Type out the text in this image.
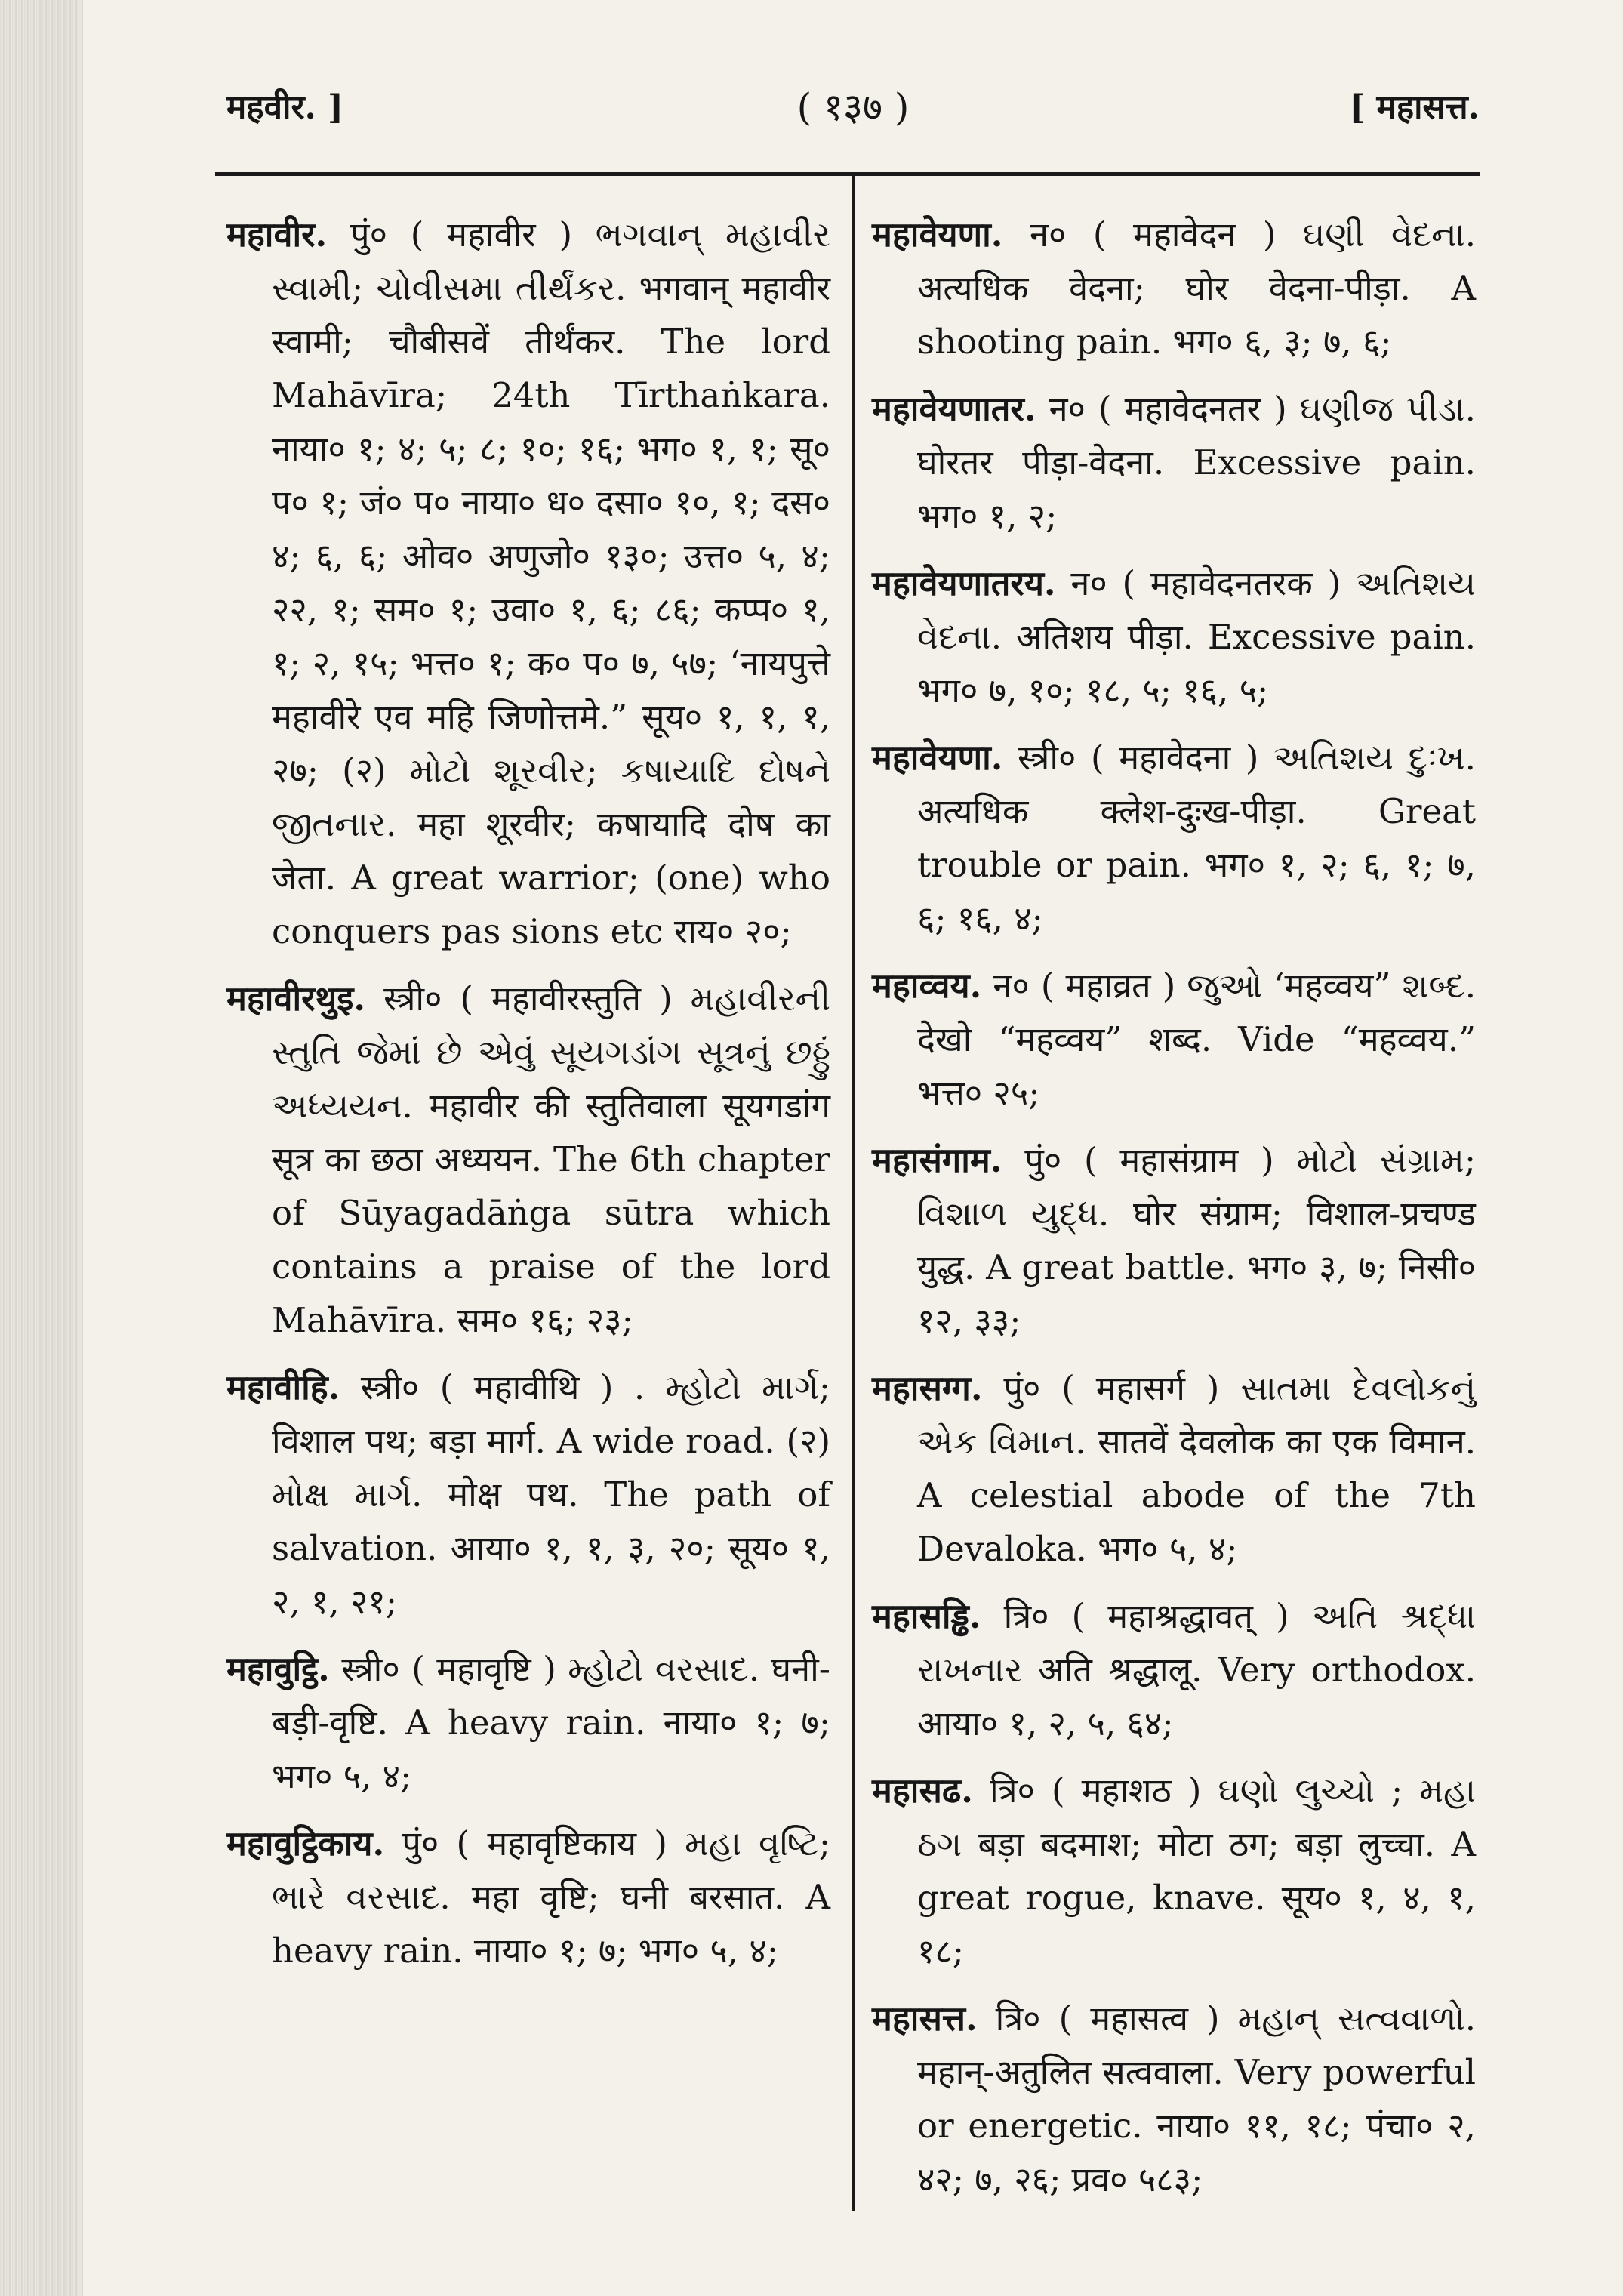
महवीर. ]	( १३७ )	[ महासत्त.

महावीर. पुं० ( महावीर ) ભગવાન્ મહાવીર સ્વામી; ચોવીસમા તીર્થંકર. भगवान् महावीर स्वामी; चौबीसवें तीर्थंकर. The lord Mahāvīra; 24th Tīrthaṅkara. नाया० १; ४; ५; ८; १०; १६; भग० १, १; सू० प० १; जं० प० नाया० ध० दसा० १०, १; दस० ४; ६, ६; ओव० अणुजो० १३०; उत्त० ५, ४; २२, १; सम० १; उवा० १, ६; ८६; कप्प० १, १; २, १५; भत्त० १; क० प० ७, ५७; ‘नायपुत्ते महावीरे एव महि जिणोत्तमे.” सूय० १, १, १, २७; (२) મોટો શૂરવીર; કષાયાદિ દોષને જીતનાર. महा शूरवीर; कषायादि दोष का जेता. A great warrior; (one) who conquers pas sions etc राय० २०;

महावीरथुइ. स्त्री० ( महावीरस्तुति ) મહાવીરની સ્તુતિ જેમાં છે એવું સૂયગડાંગ સૂત્રનું છઠ્ઠું અધ્યયન. महावीर की स्तुतिवाला सूयगडांग सूत्र का छठा अध्ययन. The 6th chapter of Sūyagadāṅga sūtra which contains a praise of the lord Mahāvīra. सम० १६; २३;

महावीहि. स्त्री० ( महावीथि ) . મ્હોટો માર્ગ; विशाल पथ; बड़ा मार्ग. A wide road. (२) મોક્ષ માર્ગ. मोक्ष पथ. The path of salvation. आया० १, १, ३, २०; सूय० १, २, १, २१;

महावुट्ठि. स्त्री० ( महावृष्टि ) મ્હોટો વરસાદ. घनी-बड़ी-वृष्टि. A heavy rain. नाया० १; ७; भग० ५, ४;

महावुट्ठिकाय. पुं० ( महावृष्टिकाय ) મહા વૃષ્ટિ; ભારે વરસાદ. महा वृष्टि; घनी बरसात. A heavy rain. नाया० १; ७; भग० ५, ४;

महावेयणा. न० ( महावेदन ) ઘણી વેદના. अत्यधिक वेदना; घोर वेदना-पीड़ा. A shooting pain. भग० ६, ३; ७, ६;

महावेयणातर. न० ( महावेदनतर ) ઘણીજ પીડા. घोरतर पीड़ा-वेदना. Excessive pain. भग० १, २;

महावेयणातरय. न० ( महावेदनतरक ) અતિશય વેદના. अतिशय पीड़ा. Excessive pain. भग० ७, १०; १८, ५; १६, ५;

महावेयणा. स्त्री० ( महावेदना ) અતિશય દુઃખ. अत्यधिक क्लेश-दुःख-पीड़ा. Great trouble or pain. भग० १, २; ६, १; ७, ६; १६, ४;

महाव्वय. न० ( महाव्रत ) જુઓ ‘महव्वय” શબ્દ. देखो “महव्वय” शब्द. Vide “महव्वय.” भत्त० २५;

महासंगाम. पुं० ( महासंग्राम ) મોટો સંગ્રામ; વિશાળ યુદ્ધ. घोर संग्राम; विशाल-प्रचण्ड युद्ध. A great battle. भग० ३, ७; निसी० १२, ३३;

महासग्ग. पुं० ( महासर्ग ) સાતમા દેવલોકનું એક વિમાન. सातवें देवलोक का एक विमान. A celestial abode of the 7th Devaloka. भग० ५, ४;

महासड्ढि. त्रि० ( महाश्रद्धावत् ) અતિ શ્રદ્ધા રાખનાર अति श्रद्धालू. Very orthodox. आया० १, २, ५, ६४;

महासढ. त्रि० ( महाशठ ) ઘણો લુચ્ચો ; મહા ઠગ बड़ा बदमाश; मोटा ठग; बड़ा लुच्चा. A great rogue, knave. सूय० १, ४, १, १८;

महासत्त. त्रि० ( महासत्व ) મહાન્ સત્વવાળો. महान्-अतुलित सत्ववाला. Very powerful or energetic. नाया० ११, १८; पंचा० २, ४२; ७, २६; प्रव० ५८३;
